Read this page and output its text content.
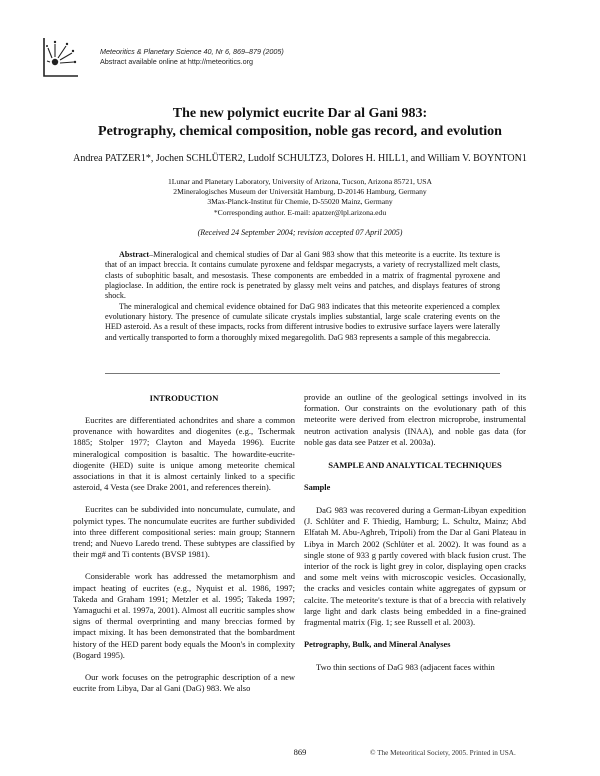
Meteoritics & Planetary Science 40, Nr 6, 869–879 (2005)
Abstract available online at http://meteoritics.org
The new polymict eucrite Dar al Gani 983:
Petrography, chemical composition, noble gas record, and evolution
Andrea PATZER1*, Jochen SCHLÜTER2, Ludolf SCHULTZ3, Dolores H. HILL1, and William V. BOYNTON1
1Lunar and Planetary Laboratory, University of Arizona, Tucson, Arizona 85721, USA
2Mineralogisches Museum der Universität Hamburg, D-20146 Hamburg, Germany
3Max-Planck-Institut für Chemie, D-55020 Mainz, Germany
*Corresponding author. E-mail: apatzer@lpl.arizona.edu
(Received 24 September 2004; revision accepted 07 April 2005)

Abstract–Mineralogical and chemical studies of Dar al Gani 983 show that this meteorite is a eucrite. Its texture is that of an impact breccia. It contains cumulate pyroxene and feldspar megacrysts, a variety of recrystallized melt clasts, clasts of subophitic basalt, and mesostasis. These components are embedded in a matrix of fragmental pyroxene and plagioclase. In addition, the entire rock is penetrated by glassy melt veins and patches, and displays features of strong shock.

The mineralogical and chemical evidence obtained for DaG 983 indicates that this meteorite experienced a complex evolutionary history. The presence of cumulate silicate crystals implies substantial, large scale cratering events on the HED asteroid. As a result of these impacts, rocks from different intrusive bodies to extrusive surface layers were laterally and vertically transported to form a thoroughly mixed megaregolith. DaG 983 represents a sample of this megabreccia.

INTRODUCTION

Eucrites are differentiated achondrites and share a common provenance with howardites and diogenites (e.g., Tschermak 1885; Stolper 1977; Clayton and Mayeda 1996). Eucrite mineralogical composition is basaltic. The howardite-eucrite-diogenite (HED) suite is unique among meteorite chemical associations in that it is almost certainly linked to a specific asteroid, 4 Vesta (see Drake 2001, and references therein).

Eucrites can be subdivided into noncumulate, cumulate, and polymict types. The noncumulate eucrites are further subdivided into three different compositional series: main group; Stannern trend; and Nuevo Laredo trend. These subtypes are classified by their mg# and Ti contents (BVSP 1981).

Considerable work has addressed the metamorphism and impact heating of eucrites (e.g., Nyquist et al. 1986, 1997; Takeda and Graham 1991; Metzler et al. 1995; Takeda 1997; Yamaguchi et al. 1997a, 2001). Almost all eucritic samples show signs of thermal overprinting and many breccias formed by impact mixing. It has been demonstrated that the bombardment history of the HED parent body equals the Moon's in complexity (Bogard 1995).

Our work focuses on the petrographic description of a new eucrite from Libya, Dar al Gani (DaG) 983. We also

provide an outline of the geological settings involved in its formation. Our constraints on the evolutionary path of this meteorite were derived from electron microprobe, instrumental neutron activation analysis (INAA), and noble gas data (for noble gas data see Patzer et al. 2003a).

SAMPLE AND ANALYTICAL TECHNIQUES
Sample

DaG 983 was recovered during a German-Libyan expedition (J. Schlüter and F. Thiedig, Hamburg; L. Schultz, Mainz; Abd Elfatah M. Abu-Aghreb, Tripoli) from the Dar al Gani Plateau in Libya in March 2002 (Schlüter et al. 2002). It was found as a single stone of 933 g partly covered with black fusion crust. The interior of the rock is light grey in color, displaying open cracks and some melt veins with microscopic vesicles. Occasionally, the cracks and vesicles contain white aggregates of gypsum or calcite. The meteorite's texture is that of a breccia with relatively large light and dark clasts being embedded in a fine-grained fragmental matrix (Fig. 1; see Russell et al. 2003).

Petrography, Bulk, and Mineral Analyses

Two thin sections of DaG 983 (adjacent faces within

869	© The Meteoritical Society, 2005. Printed in USA.
